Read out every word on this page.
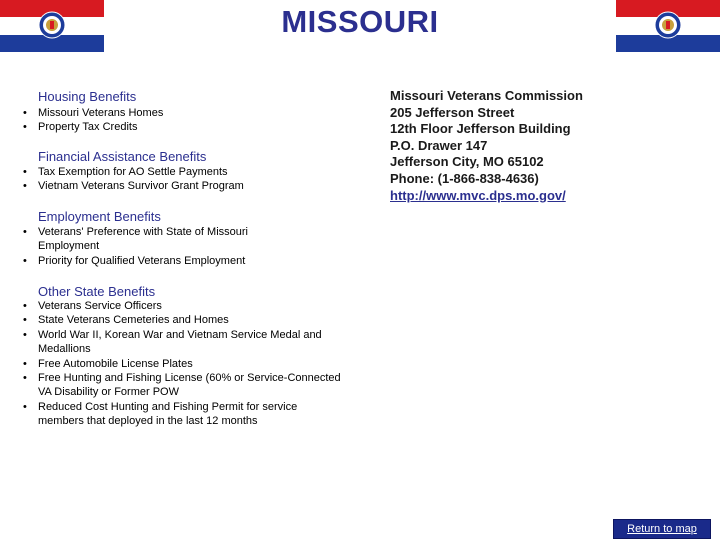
MISSOURI
Housing Benefits
• Missouri Veterans Homes
• Property Tax Credits
Financial Assistance Benefits
• Tax Exemption for AO Settle Payments
• Vietnam Veterans Survivor Grant Program
Employment Benefits
• Veterans' Preference with State of Missouri Employment
• Priority for Qualified Veterans Employment
Other State Benefits
• Veterans Service Officers
• State Veterans Cemeteries and Homes
• World War II, Korean War and Vietnam Service Medal and Medallions
• Free Automobile License Plates
• Free Hunting and Fishing License (60% or Service-Connected VA Disability or Former POW
• Reduced Cost Hunting and Fishing Permit for service members that deployed in the last 12 months
Missouri Veterans Commission
205 Jefferson Street
12th Floor Jefferson Building
P.O. Drawer 147
Jefferson City, MO 65102
Phone: (1-866-838-4636)
http://www.mvc.dps.mo.gov/
Return to map
